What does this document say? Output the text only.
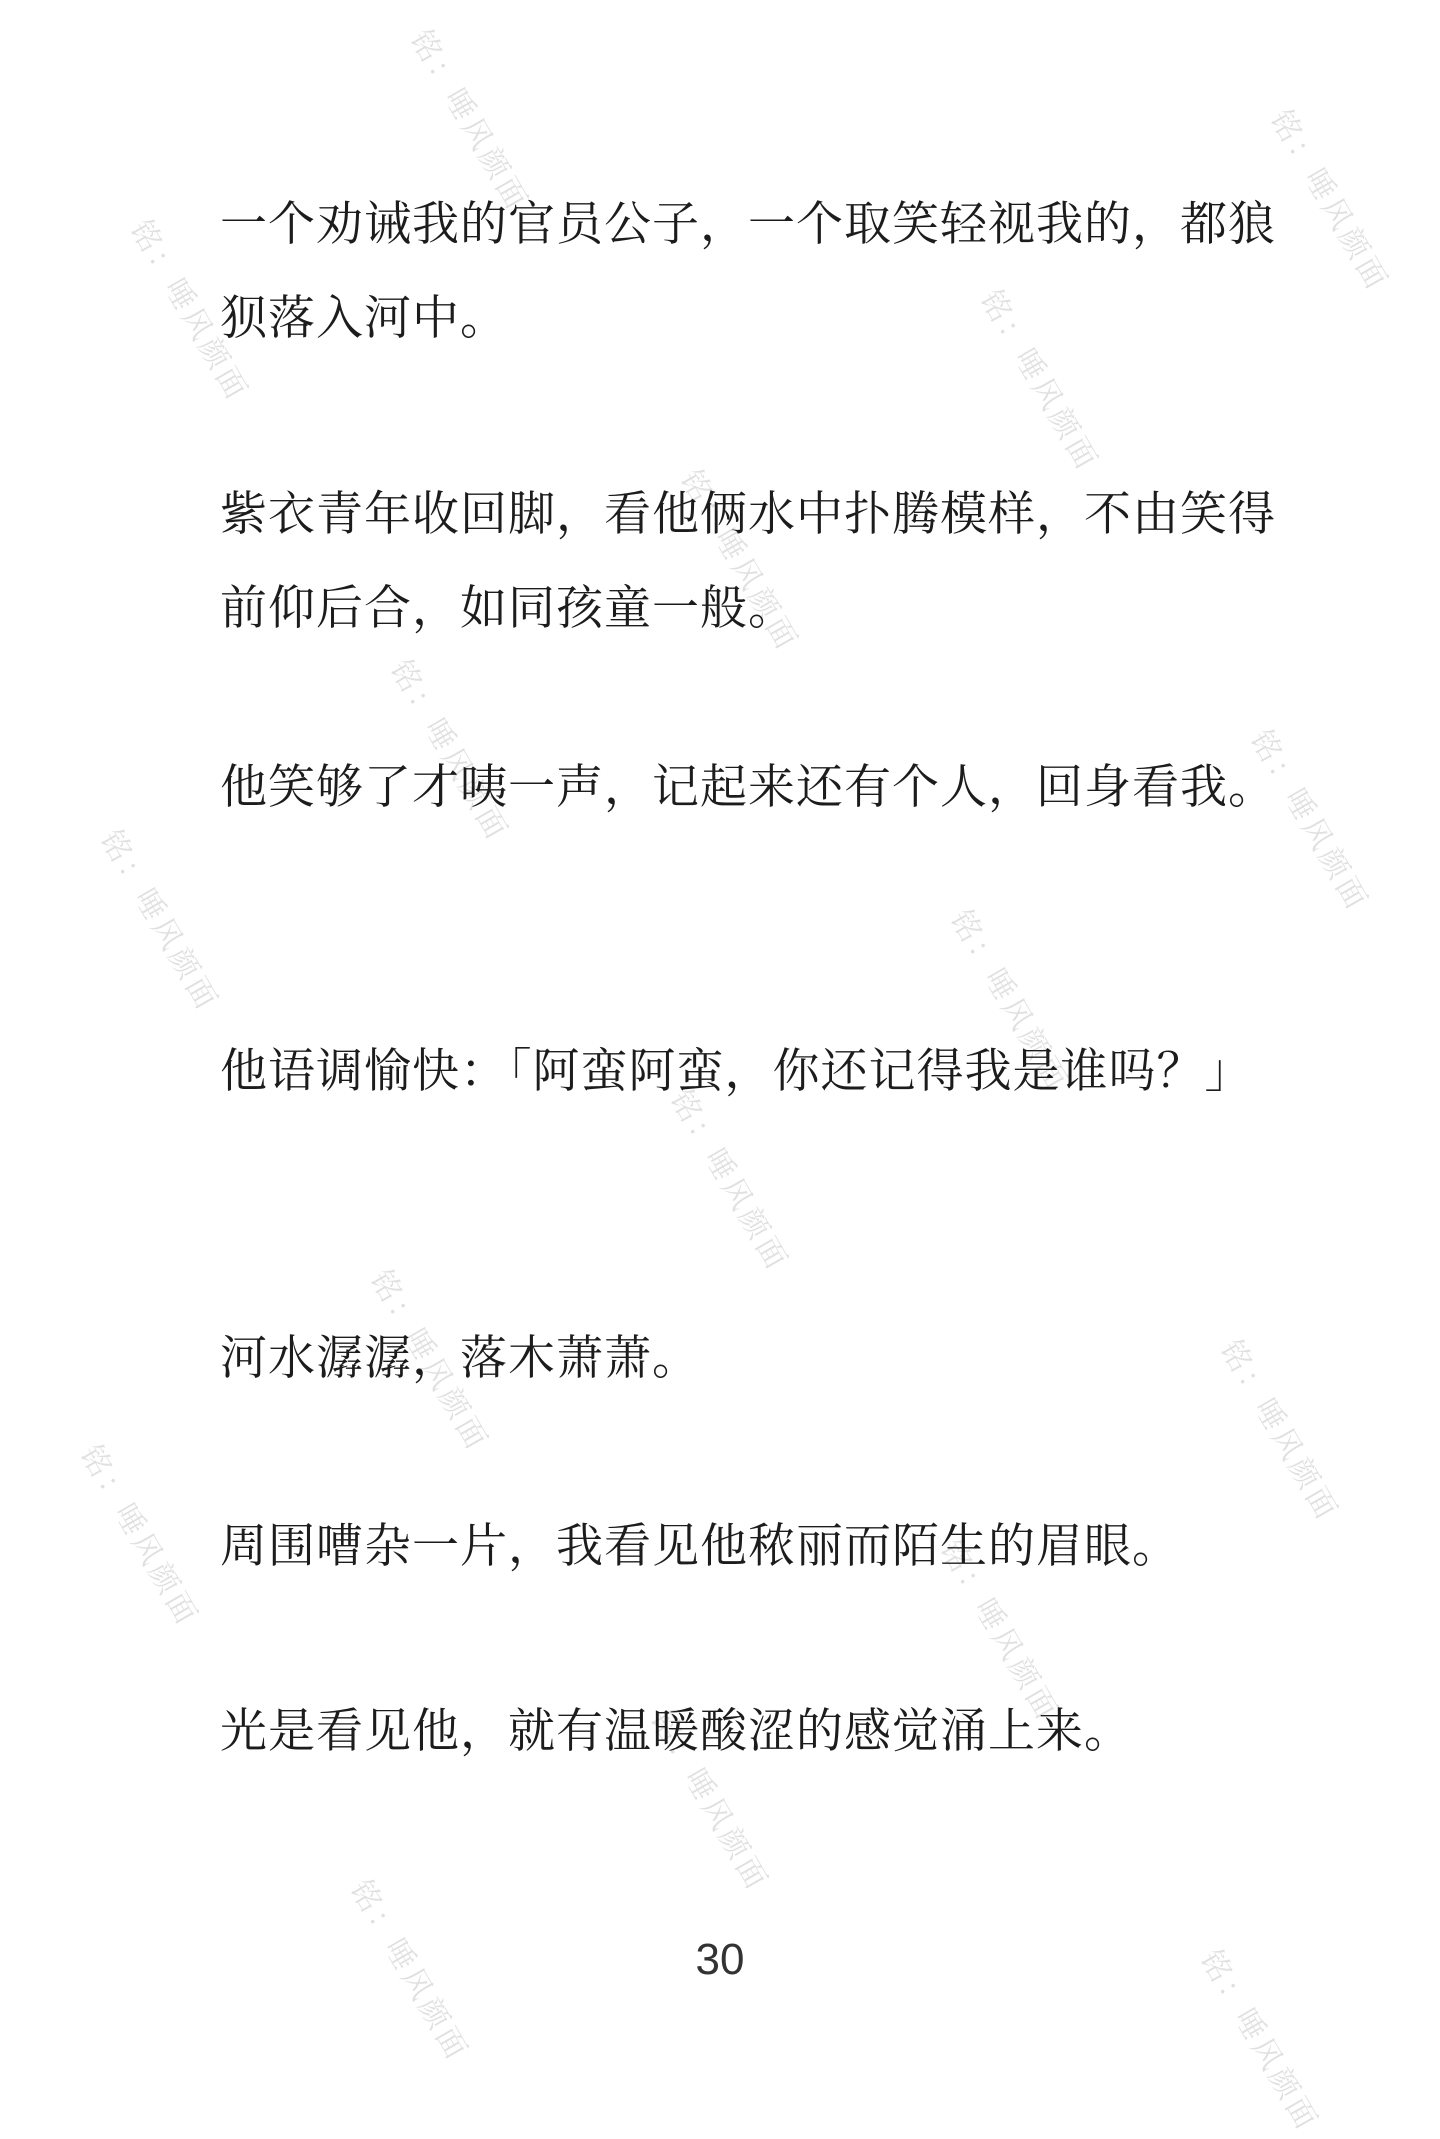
一个劝诫我的官员公子，一个取笑轻视我的，都狼狈落入河中。

紫衣青年收回脚，看他俩水中扑腾模样，不由笑得前仰后合，如同孩童一般。

他笑够了才咦一声，记起来还有个人，回身看我。

他语调愉快：「阿蛮阿蛮，你还记得我是谁吗？」

河水潺潺，落木萧萧。

周围嘈杂一片，我看见他秾丽而陌生的眉眼。

光是看见他，就有温暖酸涩的感觉涌上来。

30
铭：唾风颜面	铭：唾风颜面
铭：唾风颜面	铭：唾风颜面
铭：唾风颜面
铭：唾风颜面	铭：唾风颜面
铭：唾风颜面	铭：唾风颜面
铭：唾风颜面
铭：唾风颜面	铭：唾风颜面
铭：唾风颜面	铭：唾风颜面
铭：唾风颜面
铭：唾风颜面	铭：唾风颜面
